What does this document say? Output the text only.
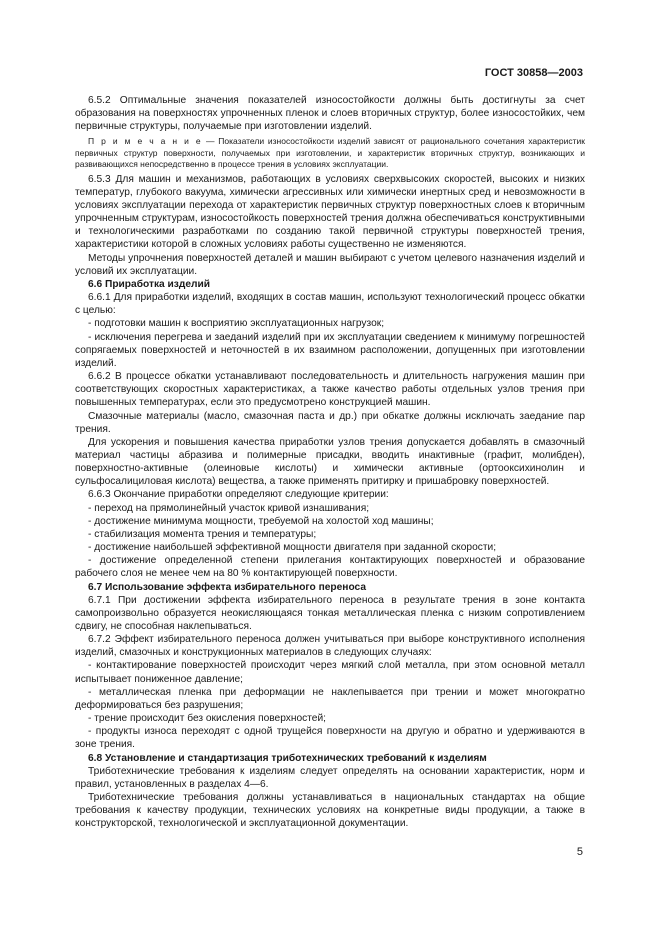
ГОСТ 30858—2003

6.5.2 Оптимальные значения показателей износостойкости должны быть достигнуты за счет образования на поверхностях упрочненных пленок и слоев вторичных структур, более износостойких, чем первичные структуры, получаемые при изготовлении изделий.

П р и м е ч а н и е — Показатели износостойкости изделий зависят от рационального сочетания характеристик первичных структур поверхности, получаемых при изготовлении, и характеристик вторичных структур, возникающих и развивающихся непосредственно в процессе трения в условиях эксплуатации.

6.5.3 Для машин и механизмов, работающих в условиях сверхвысоких скоростей, высоких и низких температур, глубокого вакуума, химически агрессивных или химически инертных сред и невозможности в условиях эксплуатации перехода от характеристик первичных структур поверхностных слоев к вторичным упрочненным структурам, износостойкость поверхностей трения должна обеспечиваться конструктивными и технологическими разработками по созданию такой первичной структуры поверхностей трения, характеристики которой в сложных условиях работы существенно не изменяются.

Методы упрочнения поверхностей деталей и машин выбирают с учетом целевого назначения изделий и условий их эксплуатации.

6.6 Приработка изделий

6.6.1 Для приработки изделий, входящих в состав машин, используют технологический процесс обкатки с целью:

- подготовки машин к восприятию эксплуатационных нагрузок;

- исключения перегрева и заеданий изделий при их эксплуатации сведением к минимуму погрешностей сопрягаемых поверхностей и неточностей в их взаимном расположении, допущенных при изготовлении изделий.

6.6.2 В процессе обкатки устанавливают последовательность и длительность нагружения машин при соответствующих скоростных характеристиках, а также качество работы отдельных узлов трения при повышенных температурах, если это предусмотрено конструкцией машин.

Смазочные материалы (масло, смазочная паста и др.) при обкатке должны исключать заедание пар трения.

Для ускорения и повышения качества приработки узлов трения допускается добавлять в смазочный материал частицы абразива и полимерные присадки, вводить инактивные (графит, молибден), поверхностно-активные (олеиновые кислоты) и химически активные (ортооксихинолин и сульфосалициловая кислота) вещества, а также применять притирку и пришабровку поверхностей.

6.6.3 Окончание приработки определяют следующие критерии:

- переход на прямолинейный участок кривой изнашивания;

- достижение минимума мощности, требуемой на холостой ход машины;

- стабилизация момента трения и температуры;

- достижение наибольшей эффективной мощности двигателя при заданной скорости;

- достижение определенной степени прилегания контактирующих поверхностей и образование рабочего слоя не менее чем на 80 % контактирующей поверхности.

6.7 Использование эффекта избирательного переноса

6.7.1 При достижении эффекта избирательного переноса в результате трения в зоне контакта самопроизвольно образуется неокисляющаяся тонкая металлическая пленка с низким сопротивлением сдвигу, не способная наклепываться.

6.7.2 Эффект избирательного переноса должен учитываться при выборе конструктивного исполнения изделий, смазочных и конструкционных материалов в следующих случаях:

- контактирование поверхностей происходит через мягкий слой металла, при этом основной металл испытывает пониженное давление;

- металлическая пленка при деформации не наклепывается при трении и может многократно деформироваться без разрушения;

- трение происходит без окисления поверхностей;

- продукты износа переходят с одной трущейся поверхности на другую и обратно и удерживаются в зоне трения.

6.8 Установление и стандартизация триботехнических требований к изделиям

Триботехнические требования к изделиям следует определять на основании характеристик, норм и правил, установленных в разделах 4—6.

Триботехнические требования должны устанавливаться в национальных стандартах на общие требования к качеству продукции, технических условиях на конкретные виды продукции, а также в конструкторской, технологической и эксплуатационной документации.

5
